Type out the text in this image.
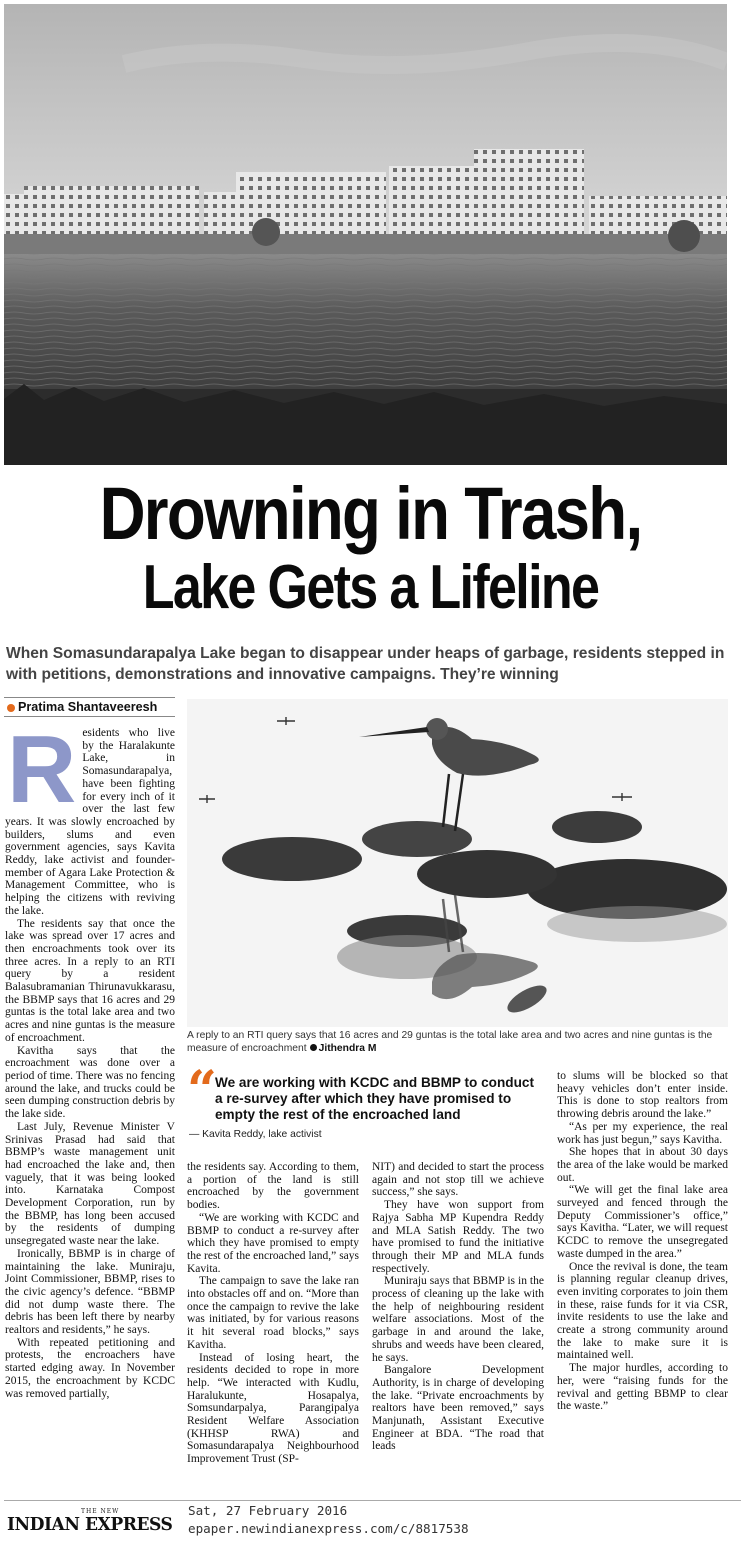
Drowning in Trash,
Lake Gets a Lifeline

When Somasundarapalya Lake began to disappear under heaps of garbage, residents stepped in with petitions, demonstrations and innovative campaigns. They’re winning

Pratima Shantaveeresh
R esidents who live by the Haralakunte Lake, in Somasundarapalya, have been fighting for every inch of it over the last few years. It was slowly encroached by builders, slums and even government agencies, says Kavita Reddy, lake activist and founder-member of Agara Lake Protection & Management Committee, who is helping the citizens with reviving the lake.

The residents say that once the lake was spread over 17 acres and then encroachments took over its three acres. In a reply to an RTI query by a resident Balasubramanian Thirunavukkarasu, the BBMP says that 16 acres and 29 guntas is the total lake area and two acres and nine guntas is the measure of encroachment.

Kavitha says that the encroachment was done over a period of time. There was no fencing around the lake, and trucks could be seen dumping construction debris by the lake side.

Last July, Revenue Minister V Srinivas Prasad had said that BBMP’s waste management unit had encroached the lake and, then vaguely, that it was being looked into. Karnataka Compost Development Corporation, run by the BBMP, has long been accused by the residents of dumping unsegregated waste near the lake.

Ironically, BBMP is in charge of maintaining the lake. Muniraju, Joint Commissioner, BBMP, rises to the civic agency’s defence. “BBMP did not dump waste there. The debris has been left there by nearby realtors and residents,” he says.

With repeated petitioning and protests, the encroachers have started edging away. In November 2015, the encroachment by KCDC was removed partially,

A reply to an RTI query says that 16 acres and 29 guntas is the total lake area and two acres and nine guntas is the measure of encroachment Jithendra M

“

We are working with KCDC and BBMP to conduct a re-survey after which they have promised to empty the rest of the encroached land

— Kavita Reddy, lake activist

the residents say. According to them, a portion of the land is still encroached by the government bodies.

“We are working with KCDC and BBMP to conduct a re-survey after which they have promised to empty the rest of the encroached land,” says Kavita.

The campaign to save the lake ran into obstacles off and on. “More than once the campaign to revive the lake was initiated, by for various reasons it hit several road blocks,” says Kavitha.

Instead of losing heart, the residents decided to rope in more help. “We interacted with Kudlu, Haralukunte, Hosapalya, Somsundarpalya, Parangipalya Resident Welfare Association (KHHSP RWA) and Somasundarapalya Neighbourhood Improvement Trust (SP-

NIT) and decided to start the process again and not stop till we achieve success,” she says.

They have won support from Rajya Sabha MP Kupendra Reddy and MLA Satish Reddy. The two have promised to fund the initiative through their MP and MLA funds respectively.

Muniraju says that BBMP is in the process of cleaning up the lake with the help of neighbouring resident welfare associations. Most of the garbage in and around the lake, shrubs and weeds have been cleared, he says.

Bangalore Development Authority, is in charge of developing the lake. “Private encroachments by realtors have been removed,” says Manjunath, Assistant Executive Engineer at BDA. “The road that leads

to slums will be blocked so that heavy vehicles don’t enter inside. This is done to stop realtors from throwing debris around the lake.”

“As per my experience, the real work has just begun,” says Kavitha.

She hopes that in about 30 days the area of the lake would be marked out.

“We will get the final lake area surveyed and fenced through the Deputy Commissioner’s office,” says Kavitha. “Later, we will request KCDC to remove the unsegregated waste dumped in the area.”

Once the revival is done, the team is planning regular cleanup drives, even inviting corporates to join them in these, raise funds for it via CSR, invite residents to use the lake and create a strong community around the lake to make sure it is maintained well.

The major hurdles, according to her, were “raising funds for the revival and getting BBMP to clear the waste.”

THE NEW
INDIAN EXPRESS
Sat, 27 February 2016
epaper.newindianexpress.com/c/8817538
